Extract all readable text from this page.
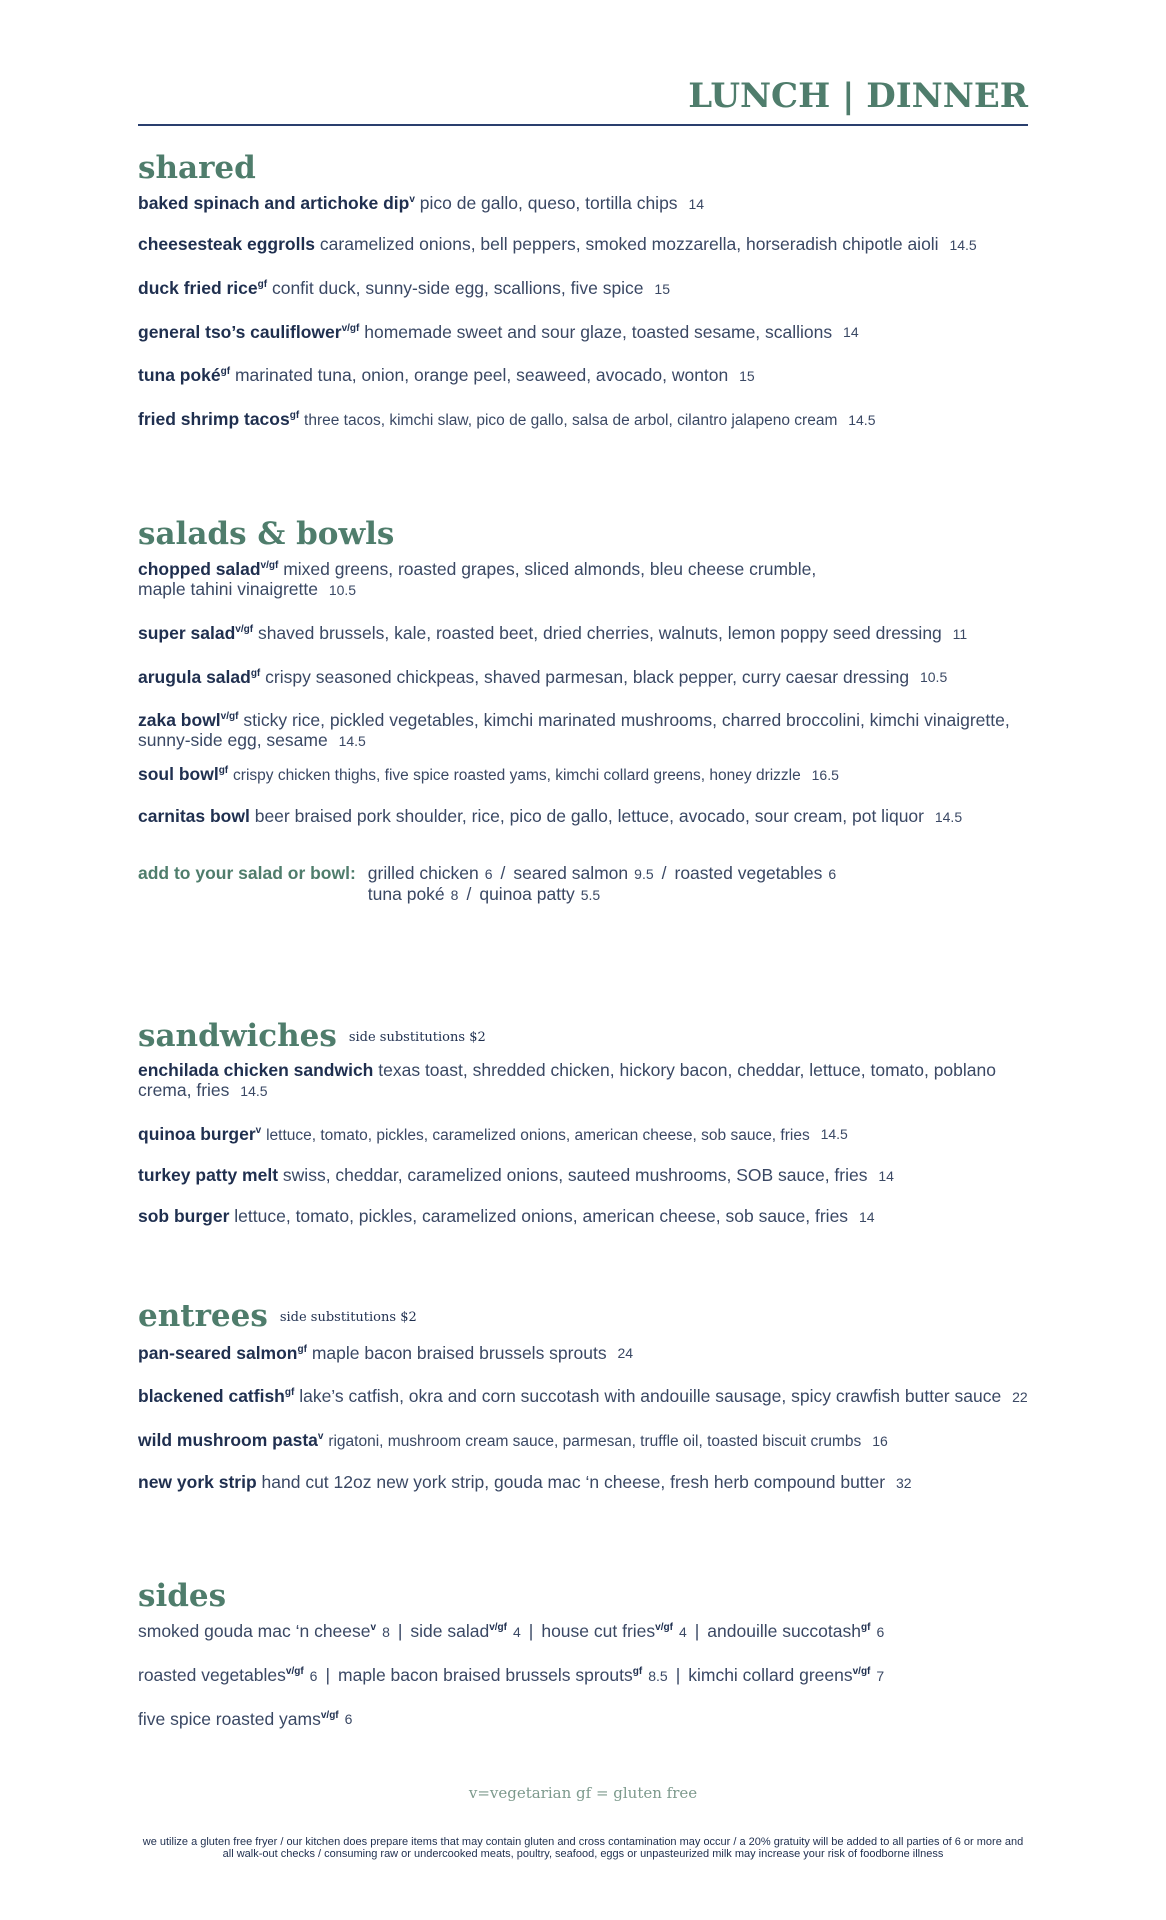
LUNCH | DINNER
shared
baked spinach and artichoke dip$^v$ pico de gallo, queso, tortilla chips 14
cheesesteak eggrolls caramelized onions, bell peppers, smoked mozzarella, horseradish chipotle aioli 14.5
duck fried rice$^{gf}$ confit duck, sunny-side egg, scallions, five spice 15
general tso’s cauliflower$^{v/gf}$ homemade sweet and sour glaze, toasted sesame, scallions 14
tuna poké$^{gf}$ marinated tuna, onion, orange peel, seaweed, avocado, wonton 15
fried shrimp tacos$^{gf}$ three tacos, kimchi slaw, pico de gallo, salsa de arbol, cilantro jalapeno cream 14.5
salads & bowls
chopped salad$^{v/gf}$ mixed greens, roasted grapes, sliced almonds, bleu cheese crumble,
maple tahini vinaigrette 10.5
super salad$^{v/gf}$ shaved brussels, kale, roasted beet, dried cherries, walnuts, lemon poppy seed dressing 11
arugula salad$^{gf}$ crispy seasoned chickpeas, shaved parmesan, black pepper, curry caesar dressing 10.5
zaka bowl$^{v/gf}$ sticky rice, pickled vegetables, kimchi marinated mushrooms, charred broccolini, kimchi vinaigrette, sunny-side egg, sesame 14.5
soul bowl$^{gf}$ crispy chicken thighs, five spice roasted yams, kimchi collard greens, honey drizzle 16.5
carnitas bowl beer braised pork shoulder, rice, pico de gallo, lettuce, avocado, sour cream, pot liquor 14.5
add to your salad or bowl: grilled chicken 6 / seared salmon 9.5 / roasted vegetables 6
tuna poké 8 / quinoa patty 5.5
sandwiches side substitutions $2
enchilada chicken sandwich texas toast, shredded chicken, hickory bacon, cheddar, lettuce, tomato, poblano crema, fries 14.5
quinoa burger$^v$ lettuce, tomato, pickles, caramelized onions, american cheese, sob sauce, fries 14.5
turkey patty melt swiss, cheddar, caramelized onions, sauteed mushrooms, SOB sauce, fries 14
sob burger lettuce, tomato, pickles, caramelized onions, american cheese, sob sauce, fries 14
entrees side substitutions $2
pan-seared salmon$^{gf}$ maple bacon braised brussels sprouts 24
blackened catfish$^{gf}$ lake’s catfish, okra and corn succotash with andouille sausage, spicy crawfish butter sauce 22
wild mushroom pasta$^v$ rigatoni, mushroom cream sauce, parmesan, truffle oil, toasted biscuit crumbs 16
new york strip hand cut 12oz new york strip, gouda mac ‘n cheese, fresh herb compound butter 32
sides
smoked gouda mac ‘n cheese$^v$ 8 | side salad$^{v/gf}$ 4 | house cut fries$^{v/gf}$ 4 | andouille succotash$^{gf}$ 6
roasted vegetables$^{v/gf}$ 6 | maple bacon braised brussels sprouts$^{gf}$ 8.5 | kimchi collard greens$^{v/gf}$ 7
five spice roasted yams$^{v/gf}$ 6
v=vegetarian gf = gluten free
we utilize a gluten free fryer / our kitchen does prepare items that may contain gluten and cross contamination may occur / a 20% gratuity will be added to all parties of 6 or more and all walk-out checks / consuming raw or undercooked meats, poultry, seafood, eggs or unpasteurized milk may increase your risk of foodborne illness
